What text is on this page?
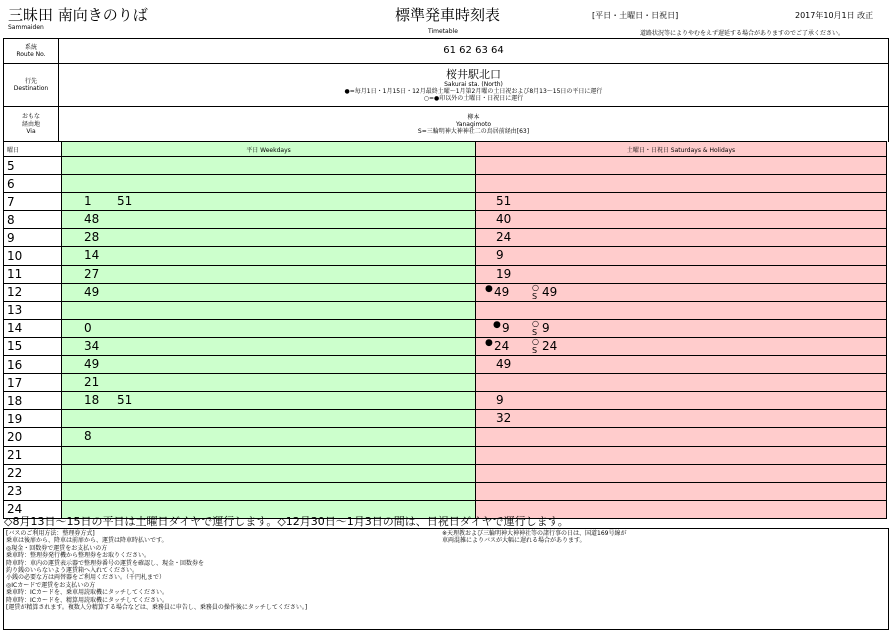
三昧田 南向きのりば
Sammaiden
標準発車時刻表
Timetable
[平日・土曜日・日祝日]	2017年10月1日 改正
道路状況等によりやむをえず遅延する場合がありますのでご了承ください。
系統
Route No.	61 62 63 64
行先
Destination
桜井駅北口
Sakurai sta. (North)
●=毎月1日・1月15日・12月最終土曜～1月第2月曜の土日祝および8月13～15日の平日に運行
○=●印以外の土曜日・日祝日に運行
おもな
経由地
Via
柳本
Yanagimoto
S=三輪明神大神神社二の鳥居前経由[63]
曜日	平日 Weekdays	土曜日・日祝日 Saturdays & Holidays
5		
6		
7	1 51	51

8	48	40

9	28	24

10	14	9

11	27	19

12	49	● 49 ○
S 49

13		
14	0	● 9 ○
S 9

15	34	● 24 ○
S 24

16	49	49

17	21	

18	18 51	9

19		32

20	8	

21		
22		
23		
24		
◇8月13日～15日の平日は土曜日ダイヤで運行します。◇12月30日～1月3日の間は、日祝日ダイヤで運行します。
[バスのご利用方法：整理券方式]
乗車は後扉から、降車は前扉から、運賃は降車時払いです。
◎現金・回数券で運賃をお支払いの方
乗車時：整理券発行機から整理券をお取りください。
降車時：車内の運賃表示器で整理券番号の運賃を確認し、現金・回数券を
釣り銭のいらないよう運賃箱へ入れてください。
小銭の必要な方は両替器をご利用ください。（千円札まで）
◎ICカードで運賃をお支払いの方
乗車時：ICカードを、乗車用読取機にタッチしてください。
降車時：ICカードを、精算用読取機にタッチしてください。
[運賃が精算されます。複数人分精算する場合などは、乗務員に申告し、乗務員の操作後にタッチしてください。]
※天理教および三輪明神大神神社等の諸行事の日は、国道169号線が
車両混雑によりバスが大幅に遅れる場合があります。
